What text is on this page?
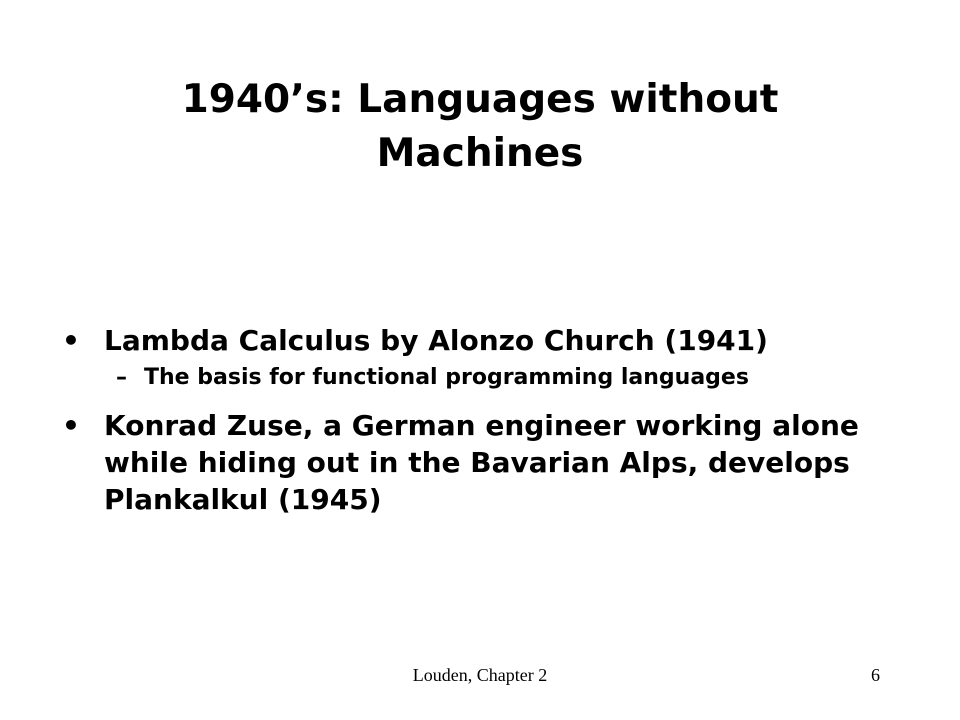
1940’s: Languages without Machines
• Lambda Calculus by Alonzo Church (1941)
– The basis for functional programming languages
• Konrad Zuse, a German engineer working alone while hiding out in the Bavarian Alps, develops Plankalkul (1945)
Louden, Chapter 2	6
